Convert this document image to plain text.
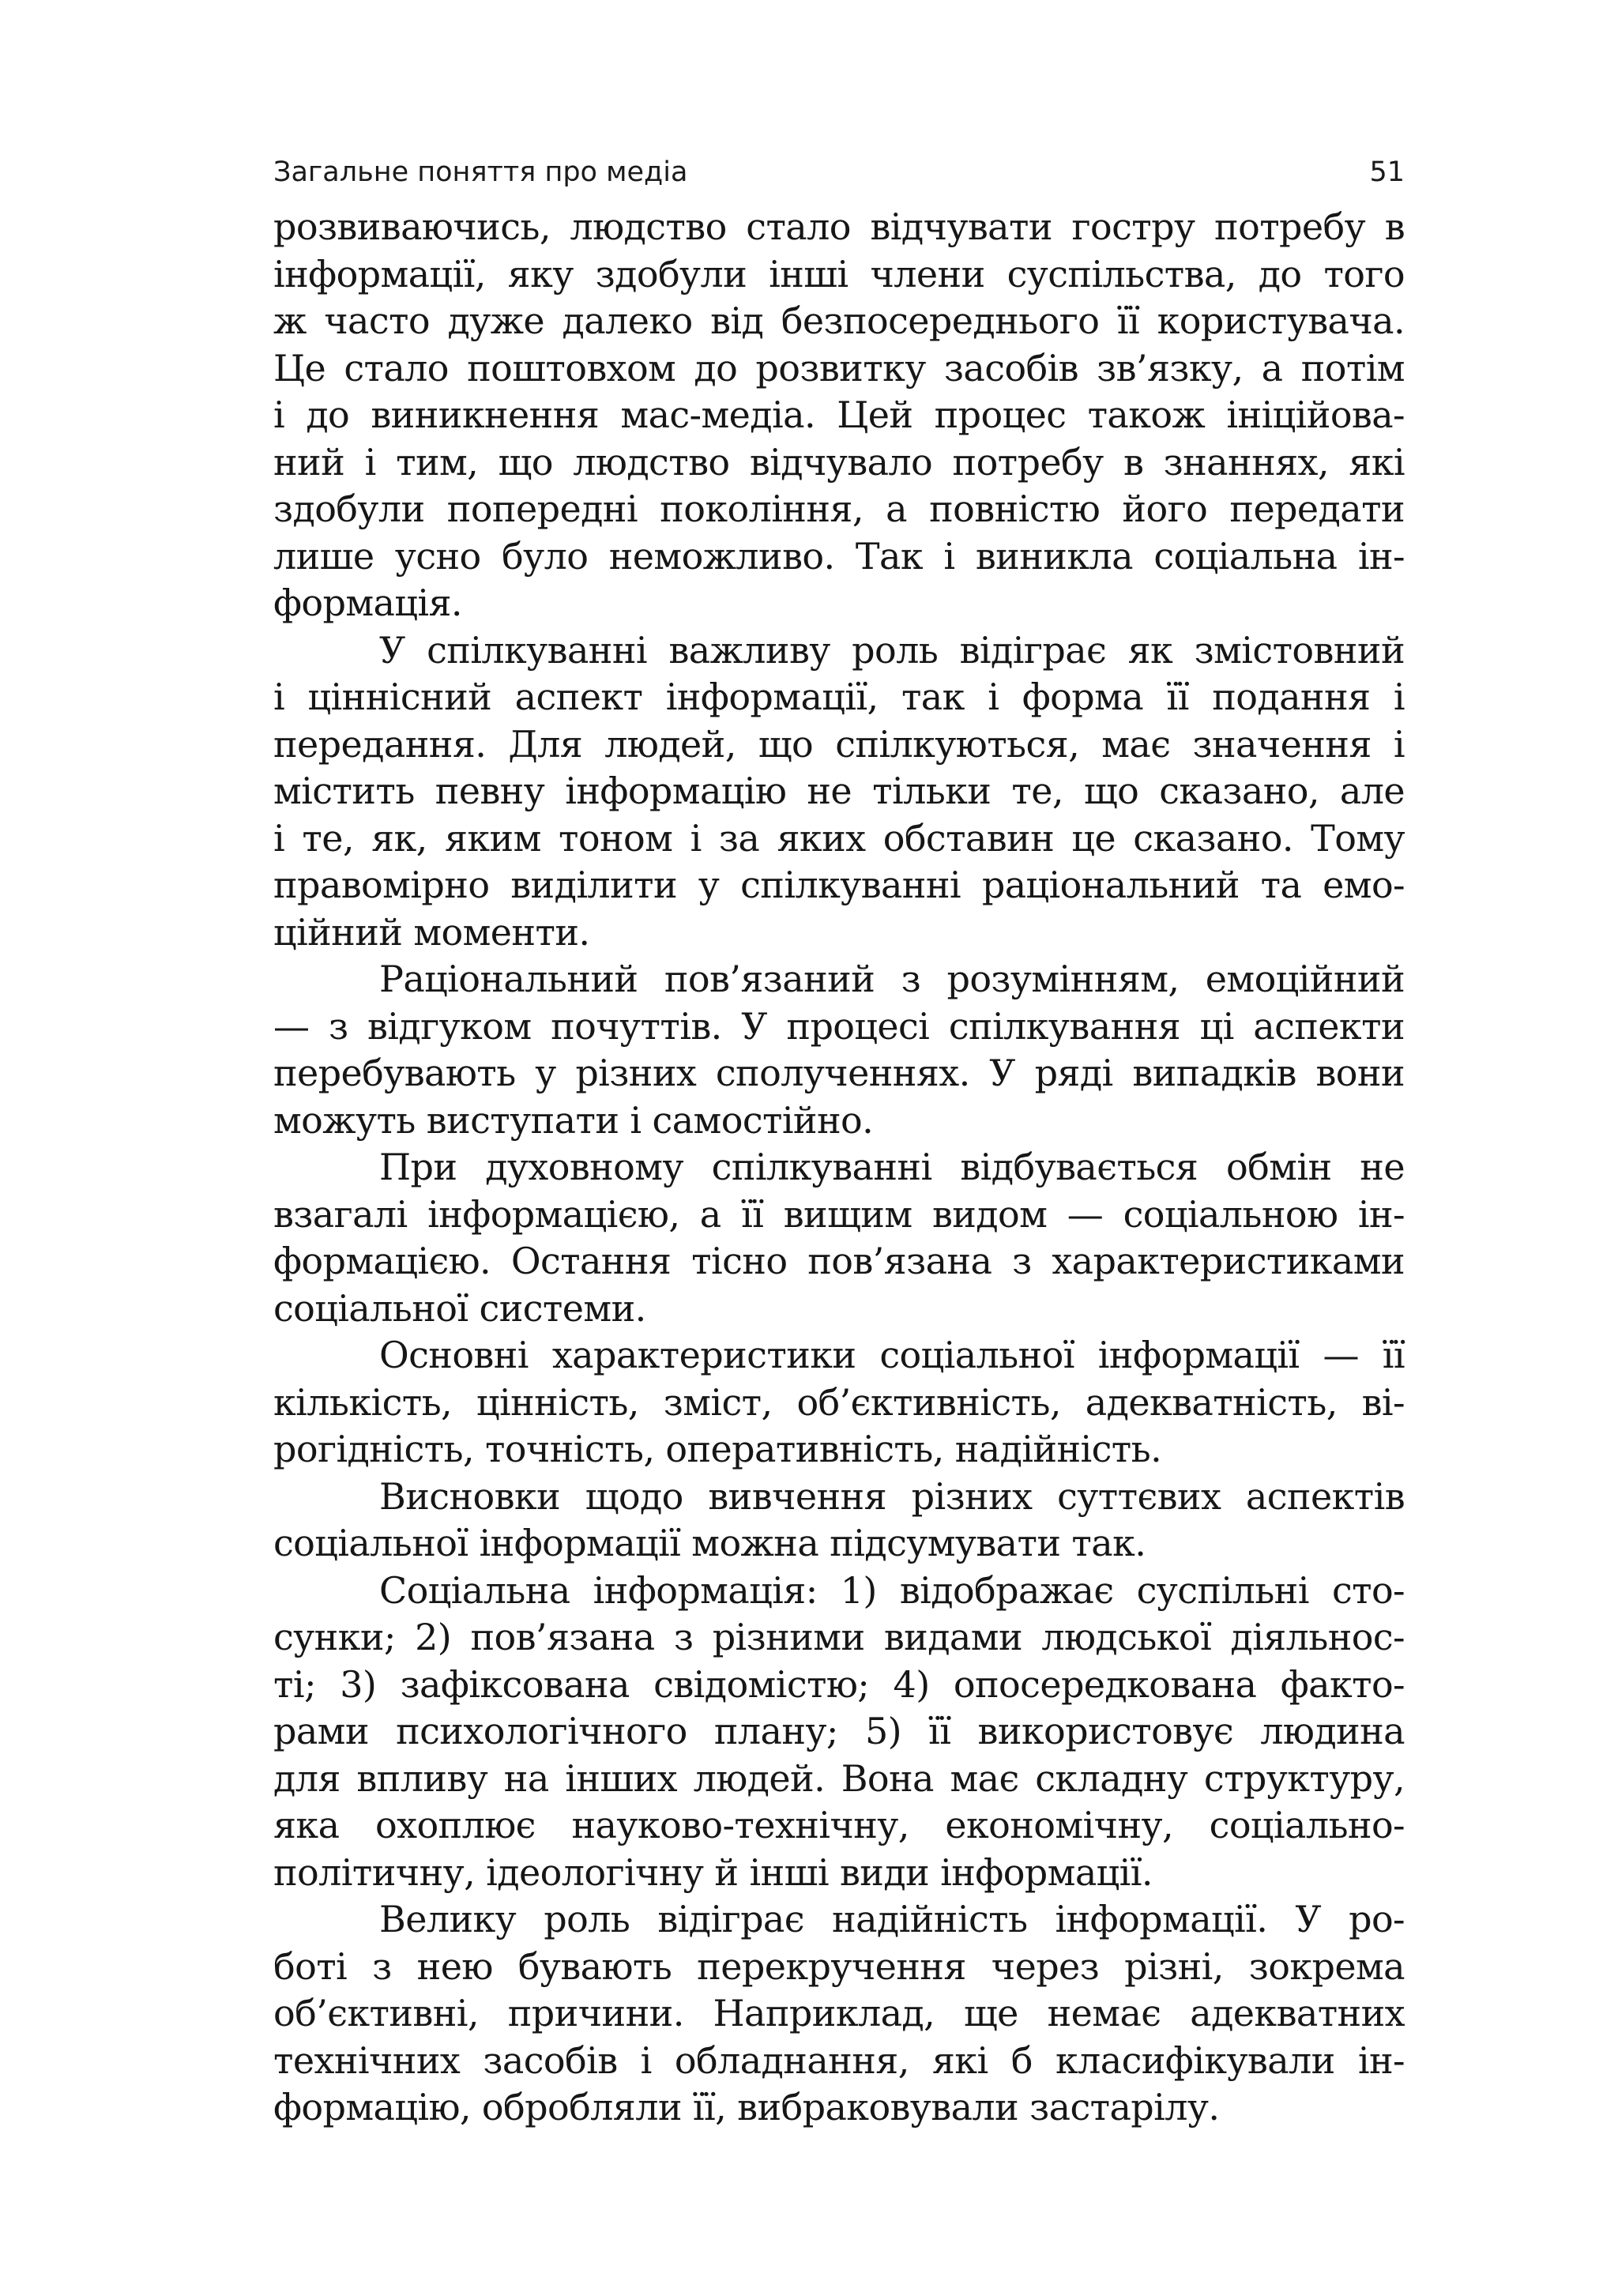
Загальне поняття про медіа	51
розвиваючись, людство стало відчувати гостру потребу в
інформації, яку здобули інші члени суспільства, до того
ж часто дуже далеко від безпосереднього її користувача.
Це стало поштовхом до розвитку засобів зв’язку, а потім
і до виникнення мас-медіа. Цей процес також ініційова-
ний і тим, що людство відчувало потребу в знаннях, які
здобули попередні покоління, а повністю його передати
лише усно було неможливо. Так і виникла соціальна ін-
формація.
У спілкуванні важливу роль відіграє як змістовний
і ціннісний аспект інформації, так і форма її подання і
передання. Для людей, що спілкуються, має значення і
містить певну інформацію не тільки те, що сказано, але
і те, як, яким тоном і за яких обставин це сказано. Тому
правомірно виділити у спілкуванні раціональний та емо-
ційний моменти.
Раціональний пов’язаний з розумінням, емоційний
— з відгуком почуттів. У процесі спілкування ці аспекти
перебувають у різних сполученнях. У ряді випадків вони
можуть виступати і самостійно.
При духовному спілкуванні відбувається обмін не
взагалі інформацією, а її вищим видом — соціальною ін-
формацією. Остання тісно пов’язана з характеристиками
соціальної системи.
Основні характеристики соціальної інформації — її
кількість, цінність, зміст, об’єктивність, адекватність, ві-
рогідність, точність, оперативність, надійність.
Висновки щодо вивчення різних суттєвих аспектів
соціальної інформації можна підсумувати так.
Соціальна інформація: 1) відображає суспільні сто-
сунки; 2) пов’язана з різними видами людської діяльнос-
ті; 3) зафіксована свідомістю; 4) опосередкована факто-
рами психологічного плану; 5) її використовує людина
для впливу на інших людей. Вона має складну структуру,
яка охоплює науково-технічну, економічну, соціально-
політичну, ідеологічну й інші види інформації.
Велику роль відіграє надійність інформації. У ро-
боті з нею бувають перекручення через різні, зокрема
об’єктивні, причини. Наприклад, ще немає адекватних
технічних засобів і обладнання, які б класифікували ін-
формацію, обробляли її, вибраковували застарілу.
